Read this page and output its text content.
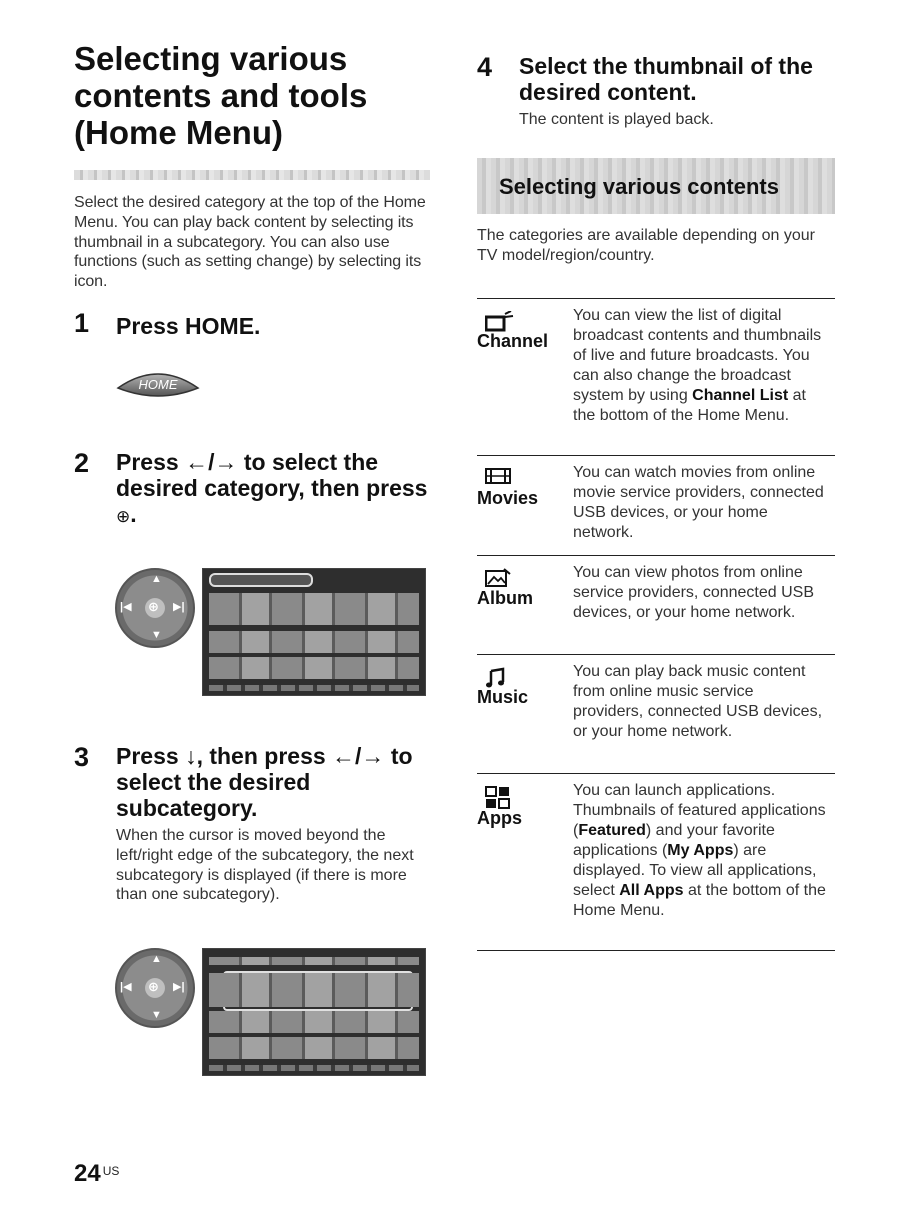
Selecting various
contents and tools
(Home Menu)
Select the desired category at the top of the Home Menu. You can play back content by selecting its thumbnail in a subcategory. You can also use functions (such as setting change) by selecting its icon.
1 Press HOME.
HOME
2 Press ←/→ to select the desired category, then press ⊕.
▲
▼
|◀	▶|
⊕
3 Press ↓, then press ←/→ to select the desired subcategory.
When the cursor is moved beyond the left/right edge of the subcategory, the next subcategory is displayed (if there is more than one subcategory).
▲
▼
|◀	▶|
⊕
4 Select the thumbnail of the desired content.
The content is played back.
Selecting various contents
The categories are available depending on your TV model/region/country.
Channel
You can view the list of digital broadcast contents and thumbnails of live and future broadcasts. You can also change the broadcast system by using Channel List at the bottom of the Home Menu.
Movies
You can watch movies from online movie service providers, connected USB devices, or your home network.
Album
You can view photos from online service providers, connected USB devices, or your home network.
Music
You can play back music content from online music service providers, connected USB devices, or your home network.
Apps
You can launch applications. Thumbnails of featured applications (Featured) and your favorite applications (My Apps) are displayed. To view all applications, select All Apps at the bottom of the Home Menu.
24 $^{US}$
